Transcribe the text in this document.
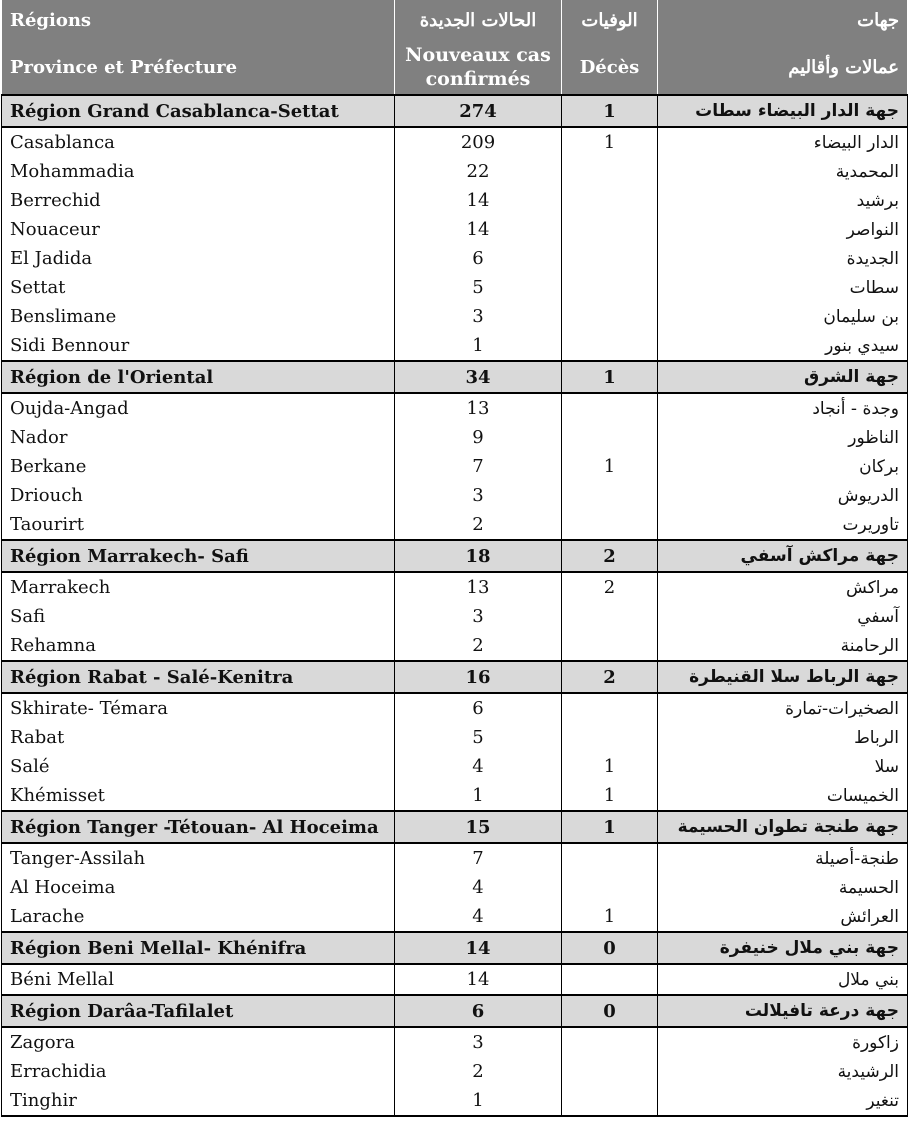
Régions	الحالات الجديدة	الوفيات	جهات
Province et Préfecture	Nouveaux cas confirmés	Décès	عمالات وأقاليم
Région Grand Casablanca-Settat	274	1	جهة الدار البيضاء سطات
Casablanca	209	1	الدار البيضاء
Mohammadia	22		المحمدية
Berrechid	14		برشيد
Nouaceur	14		النواصر
El Jadida	6		الجديدة
Settat	5		سطات
Benslimane	3		بن سليمان
Sidi Bennour	1		سيدي بنور
Région de l'Oriental	34	1	جهة الشرق
Oujda-Angad	13		وجدة - أنجاد
Nador	9		الناظور
Berkane	7	1	بركان
Driouch	3		الدريوش
Taourirt	2		تاوريرت
Région Marrakech- Safi	18	2	جهة مراكش آسفي
Marrakech	13	2	مراكش
Safi	3		آسفي
Rehamna	2		الرحامنة
Région Rabat - Salé-Kenitra	16	2	جهة الرباط سلا القنيطرة
Skhirate- Témara	6		الصخيرات-تمارة
Rabat	5		الرباط
Salé	4	1	سلا
Khémisset	1	1	الخميسات
Région Tanger -Tétouan- Al Hoceima	15	1	جهة طنجة تطوان الحسيمة
Tanger-Assilah	7		طنجة-أصيلة
Al Hoceima	4		الحسيمة
Larache	4	1	العرائش
Région Beni Mellal- Khénifra	14	0	جهة بني ملال خنيفرة
Béni Mellal	14		بني ملال
Région Darâa-Tafilalet	6	0	جهة درعة تافيلالت
Zagora	3		زاكورة
Errachidia	2		الرشيدية
Tinghir	1		تنغير
